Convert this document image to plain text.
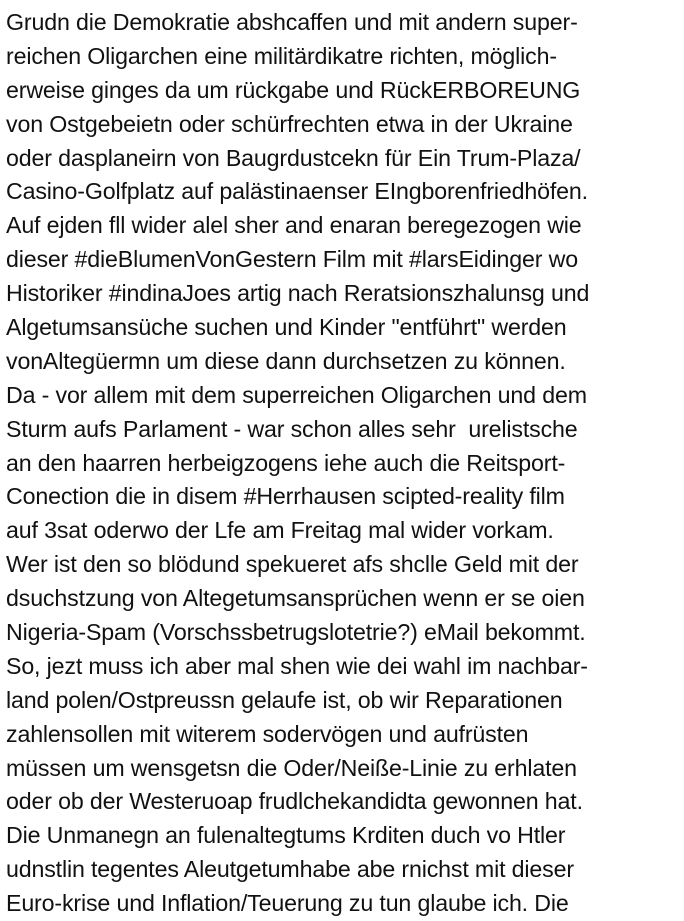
Grudn die Demokratie abshcaffen und mit andern super-

reichen Oligarchen eine militärdikatre richten, möglich-

erweise ginges da um rückgabe und RückERBOREUNG

von Ostgebeietn oder schürfrechten etwa in der Ukraine

oder dasplaneirn von Baugrdustcekn für Ein Trum-Plaza/

Casino-Golfplatz auf palästinaenser EIngborenfriedhöfen.

Auf ejden fll wider alel sher and enaran beregezogen wie

dieser #dieBlumenVonGestern Film mit #larsEidinger wo

Historiker #indinaJoes artig nach Reratsionszhalunsg und

Algetumsansüche suchen und Kinder "entführt" werden

vonAltegüermn um diese dann durchsetzen zu können.

Da - vor allem mit dem superreichen Oligarchen und dem

Sturm aufs Parlament - war schon alles sehr  urelistsche

an den haarren herbeigzogens iehe auch die Reitsport-

Conection die in disem #Herrhausen scipted-reality film

auf 3sat oderwo der Lfe am Freitag mal wider vorkam.

Wer ist den so blödund spekueret afs shclle Geld mit der

dsuchstzung von Altegetumsansprüchen wenn er se oien

Nigeria-Spam (Vorschssbetrugslotetrie?) eMail bekommt.

So, jezt muss ich aber mal shen wie dei wahl im nachbar-

land polen/Ostpreussn gelaufe ist, ob wir Reparationen

zahlensollen mit witerem sodervögen und aufrüsten

müssen um wensgetsn die Oder/Neiße-Linie zu erhlaten

oder ob der Westeruoap frudlchekandidta gewonnen hat.

Die Unmanegn an fulenaltegtums Krditen duch vo Htler

udnstlin tegentes Aleutgetumhabe abe rnichst mit dieser

Euro-krise und Inflation/Teuerung zu tun glaube ich. Die
